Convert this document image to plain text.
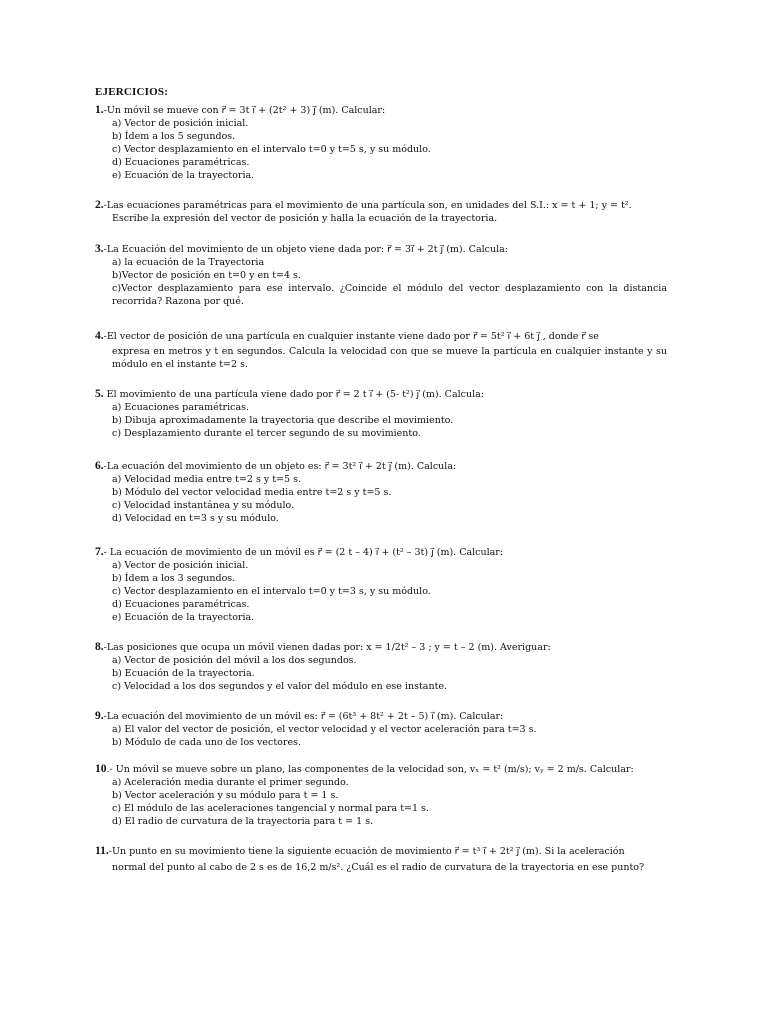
EJERCICIOS:
1.-Un móvil se mueve con r⃗ = 3t i⃗ + (2t² + 3) j⃗ (m). Calcular:
a) Vector de posición inicial.
b) Ídem a los 5 segundos.
c) Vector desplazamiento en el intervalo t=0 y t=5 s, y su módulo.
d) Ecuaciones paramétricas.
e) Ecuación de la trayectoria.
2.-Las ecuaciones paramétricas para el movimiento de una partícula son, en unidades del S.I.: x = t + 1; y = t².
Escribe la expresión del vector de posición y halla la ecuación de la trayectoria.
3.-La Ecuación del movimiento de un objeto viene dada por: r⃗ = 3i⃗ + 2t j⃗ (m). Calcula:
a) la ecuación de la Trayectoria
b)Vector de posición en t=0 y en t=4 s.
c)Vector desplazamiento para ese intervalo. ¿Coincide el módulo del vector desplazamiento con la distancia recorrida? Razona por qué.
4.-El vector de posición de una partícula en cualquier instante viene dado por r⃗ = 5t² i⃗ + 6t j⃗ , donde r⃗ se
expresa en metros y t en segundos. Calcula la velocidad con que se mueve la partícula en cualquier instante y su módulo en el instante t=2 s.
5. El movimiento de una partícula viene dado por r⃗ = 2 t i⃗ + (5- t²) j⃗ (m). Calcula:
a) Ecuaciones paramétricas.
b) Dibuja aproximadamente la trayectoria que describe el movimiento.
c) Desplazamiento durante el tercer segundo de su movimiento.
6.-La ecuación del movimiento de un objeto es: r⃗ = 3t² i⃗ + 2t j⃗ (m). Calcula:
a) Velocidad media entre t=2 s y t=5 s.
b) Módulo del vector velocidad media entre t=2 s y t=5 s.
c) Velocidad instantánea y su módulo.
d) Velocidad en t=3 s y su módulo.
7.- La ecuación de movimiento de un móvil es r⃗ = (2 t – 4) i⃗ + (t² – 3t) j⃗ (m). Calcular:
a) Vector de posición inicial.
b) Ídem a los 3 segundos.
c) Vector desplazamiento en el intervalo t=0 y t=3 s, y su módulo.
d) Ecuaciones paramétricas.
e) Ecuación de la trayectoria.
8.-Las posiciones que ocupa un móvil vienen dadas por: x = 1/2t² – 3 ; y = t – 2 (m). Averiguar:
a) Vector de posición del móvil a los dos segundos.
b) Ecuación de la trayectoria.
c) Velocidad a los dos segundos y el valor del módulo en ese instante.
9.-La ecuación del movimiento de un móvil es: r⃗ = (6t³ + 8t² + 2t – 5) i⃗ (m). Calcular:
a) El valor del vector de posición, el vector velocidad y el vector aceleración para t=3 s.
b) Módulo de cada uno de los vectores.
10.- Un móvil se mueve sobre un plano, las componentes de la velocidad son, vₓ = t² (m/s); vᵧ = 2 m/s. Calcular:
a) Aceleración media durante el primer segundo.
b) Vector aceleración y su módulo para t = 1 s.
c) El módulo de las aceleraciones tangencial y normal para t=1 s.
d) El radio de curvatura de la trayectoria para t = 1 s.
11.-Un punto en su movimiento tiene la siguiente ecuación de movimiento r⃗ = t³ i⃗ + 2t² j⃗ (m). Si la aceleración
normal del punto al cabo de 2 s es de 16,2 m/s². ¿Cuál es el radio de curvatura de la trayectoria en ese punto?
